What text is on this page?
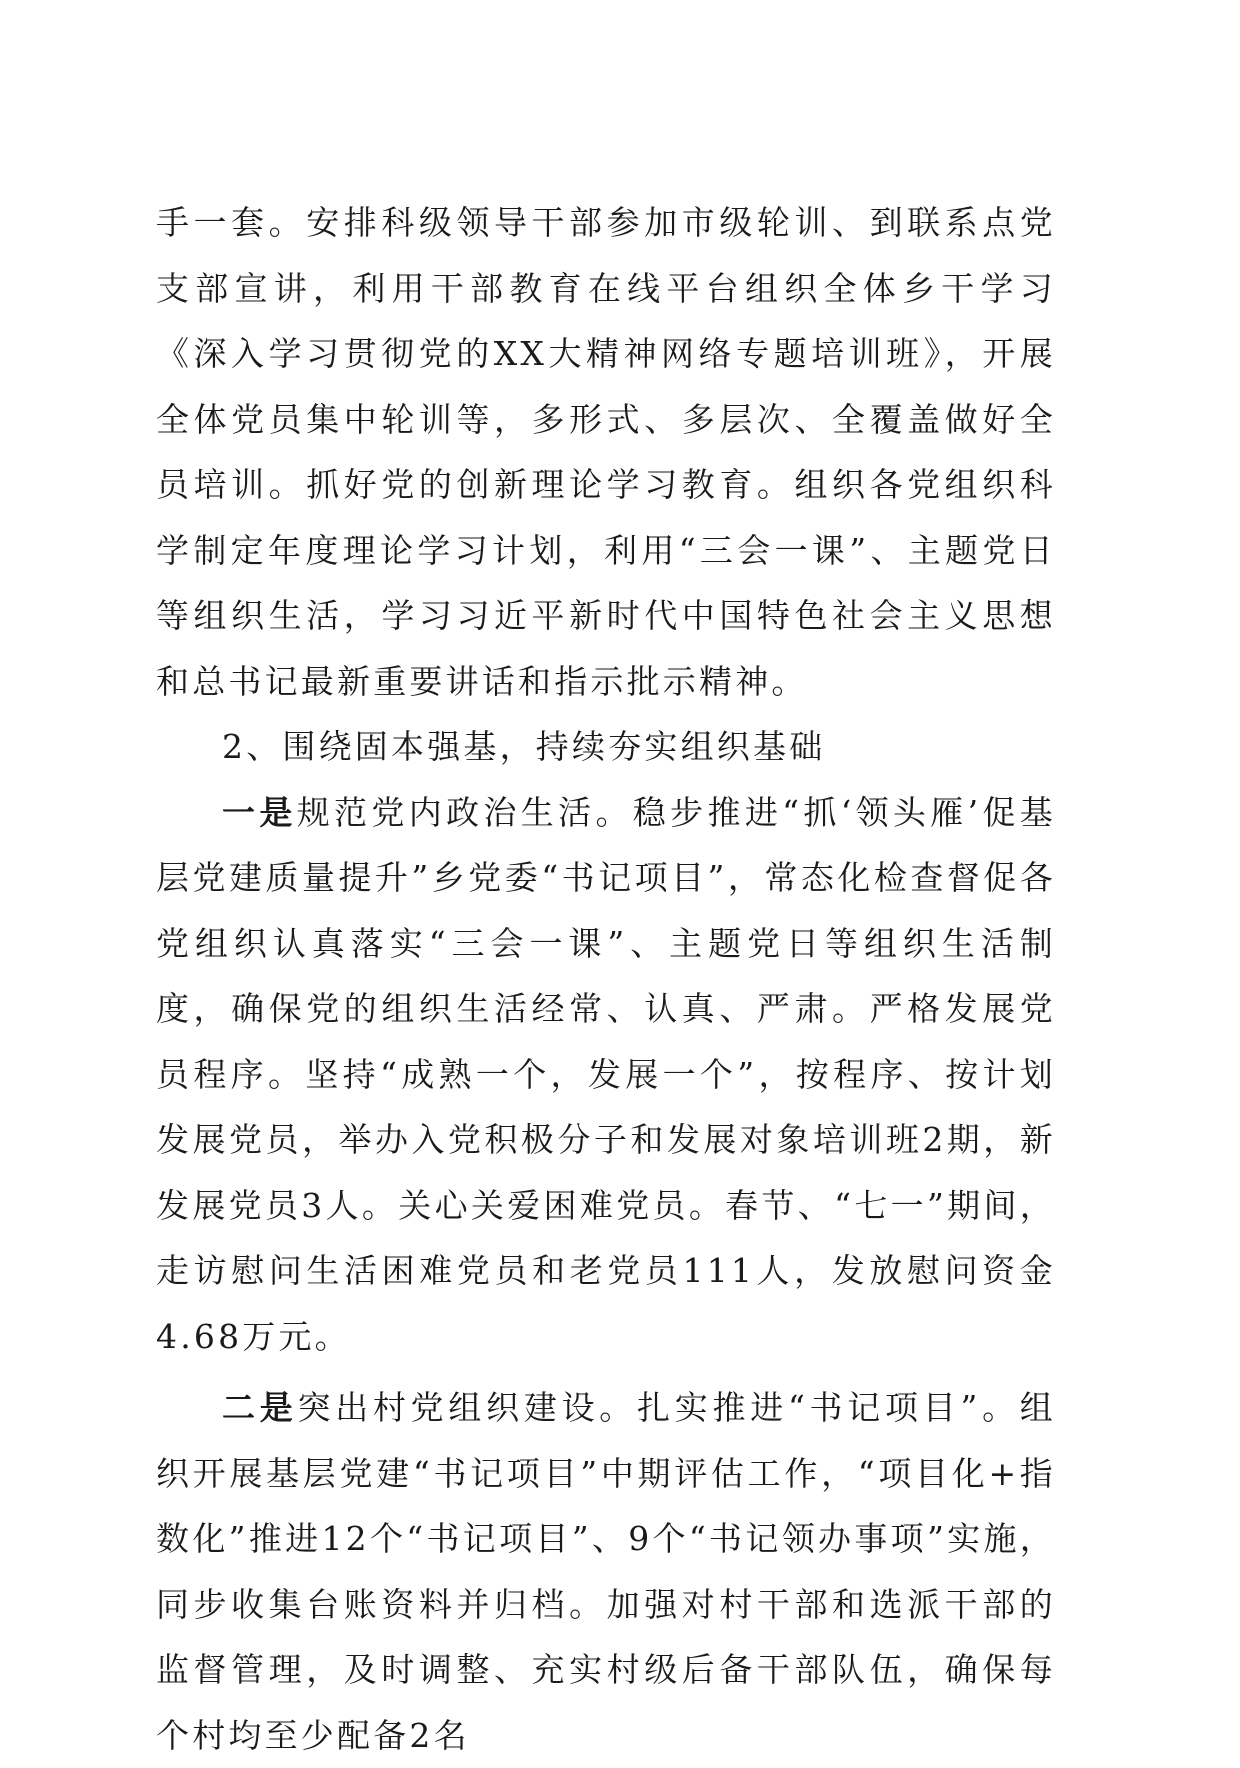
手一套。安排科级领导干部参加市级轮训、到联系点党支部宣讲，利用干部教育在线平台组织全体乡干学习《深入学习贯彻党的XX大精神网络专题培训班》，开展全体党员集中轮训等，多形式、多层次、全覆盖做好全员培训。抓好党的创新理论学习教育。组织各党组织科学制定年度理论学习计划，利用“三会一课”、主题党日等组织生活，学习习近平新时代中国特色社会主义思想和总书记最新重要讲话和指示批示精神。

2、围绕固本强基，持续夯实组织基础

一是规范党内政治生活。稳步推进“抓‘领头雁’促基层党建质量提升”乡党委“书记项目”，常态化检查督促各党组织认真落实“三会一课”、主题党日等组织生活制度，确保党的组织生活经常、认真、严肃。严格发展党员程序。坚持“成熟一个，发展一个”，按程序、按计划发展党员，举办入党积极分子和发展对象培训班2期，新发展党员3人。关心关爱困难党员。春节、“七一”期间，走访慰问生活困难党员和老党员111人，发放慰问资金4.68万元。

二是突出村党组织建设。扎实推进“书记项目”。组织开展基层党建“书记项目”中期评估工作，“项目化+指数化”推进12个“书记项目”、9个“书记领办事项”实施，同步收集台账资料并归档。加强对村干部和选派干部的监督管理，及时调整、充实村级后备干部队伍，确保每个村均至少配备2名
